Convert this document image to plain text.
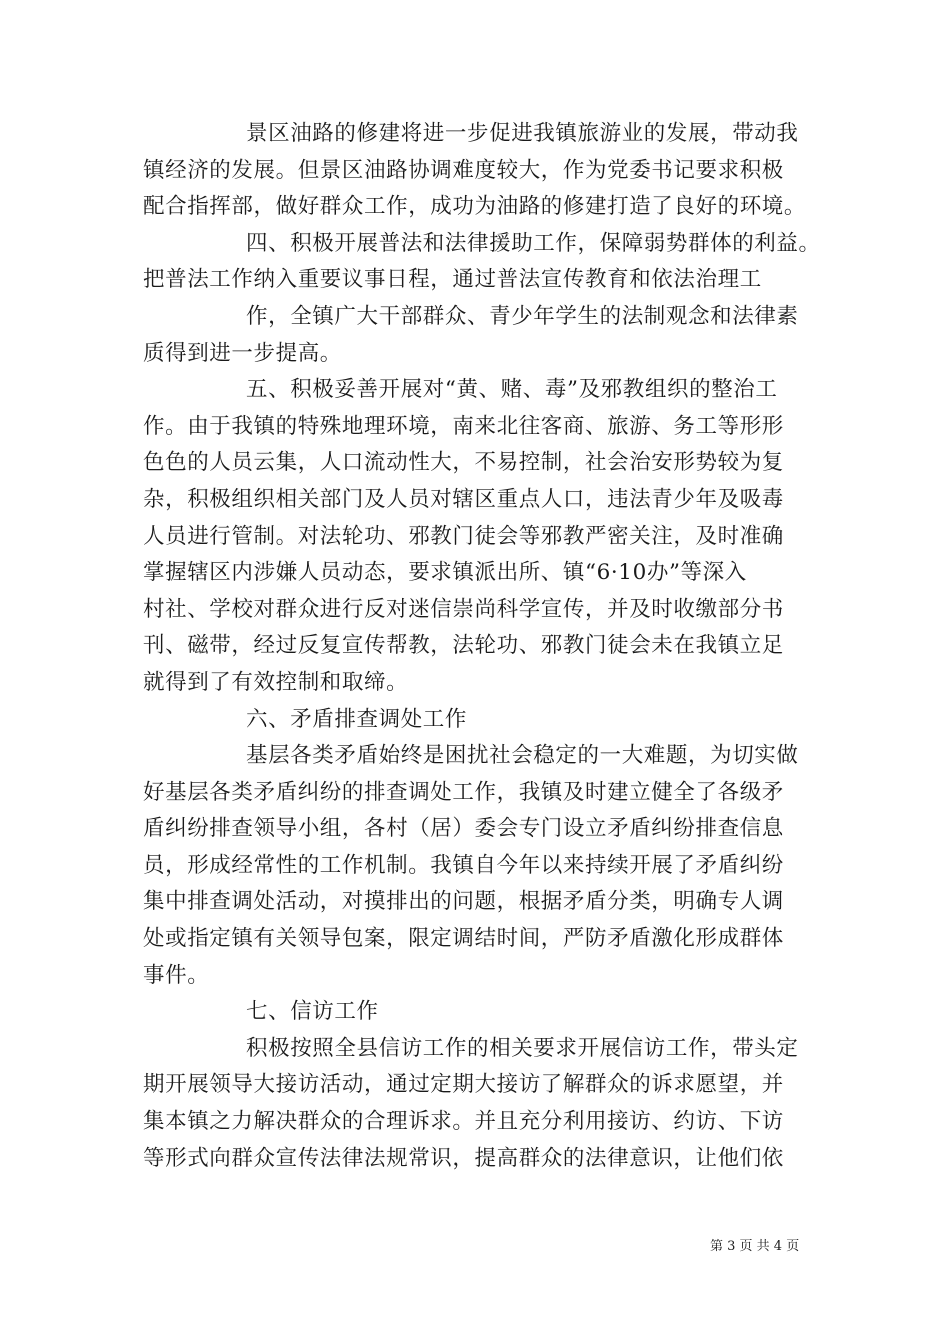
景区油路的修建将进一步促进我镇旅游业的发展，带动我
镇经济的发展。但景区油路协调难度较大，作为党委书记要求积极
配合指挥部，做好群众工作，成功为油路的修建打造了良好的环境。
四、积极开展普法和法律援助工作，保障弱势群体的利益。
把普法工作纳入重要议事日程，通过普法宣传教育和依法治理工
作，全镇广大干部群众、青少年学生的法制观念和法律素
质得到进一步提高。
五、积极妥善开展对“黄、赌、毒”及邪教组织的整治工
作。由于我镇的特殊地理环境，南来北往客商、旅游、务工等形形
色色的人员云集，人口流动性大，不易控制，社会治安形势较为复
杂，积极组织相关部门及人员对辖区重点人口，违法青少年及吸毒
人员进行管制。对法轮功、邪教门徒会等邪教严密关注，及时准确
掌握辖区内涉嫌人员动态，要求镇派出所、镇“6·10办”等深入
村社、学校对群众进行反对迷信崇尚科学宣传，并及时收缴部分书
刊、磁带，经过反复宣传帮教，法轮功、邪教门徒会未在我镇立足
就得到了有效控制和取缔。
六、矛盾排查调处工作
基层各类矛盾始终是困扰社会稳定的一大难题，为切实做
好基层各类矛盾纠纷的排查调处工作，我镇及时建立健全了各级矛
盾纠纷排查领导小组，各村（居）委会专门设立矛盾纠纷排查信息
员，形成经常性的工作机制。我镇自今年以来持续开展了矛盾纠纷
集中排查调处活动，对摸排出的问题，根据矛盾分类，明确专人调
处或指定镇有关领导包案，限定调结时间，严防矛盾激化形成群体
事件。
七、信访工作
积极按照全县信访工作的相关要求开展信访工作，带头定
期开展领导大接访活动，通过定期大接访了解群众的诉求愿望，并
集本镇之力解决群众的合理诉求。并且充分利用接访、约访、下访
等形式向群众宣传法律法规常识，提高群众的法律意识，让他们依
第 3 页 共 4 页
